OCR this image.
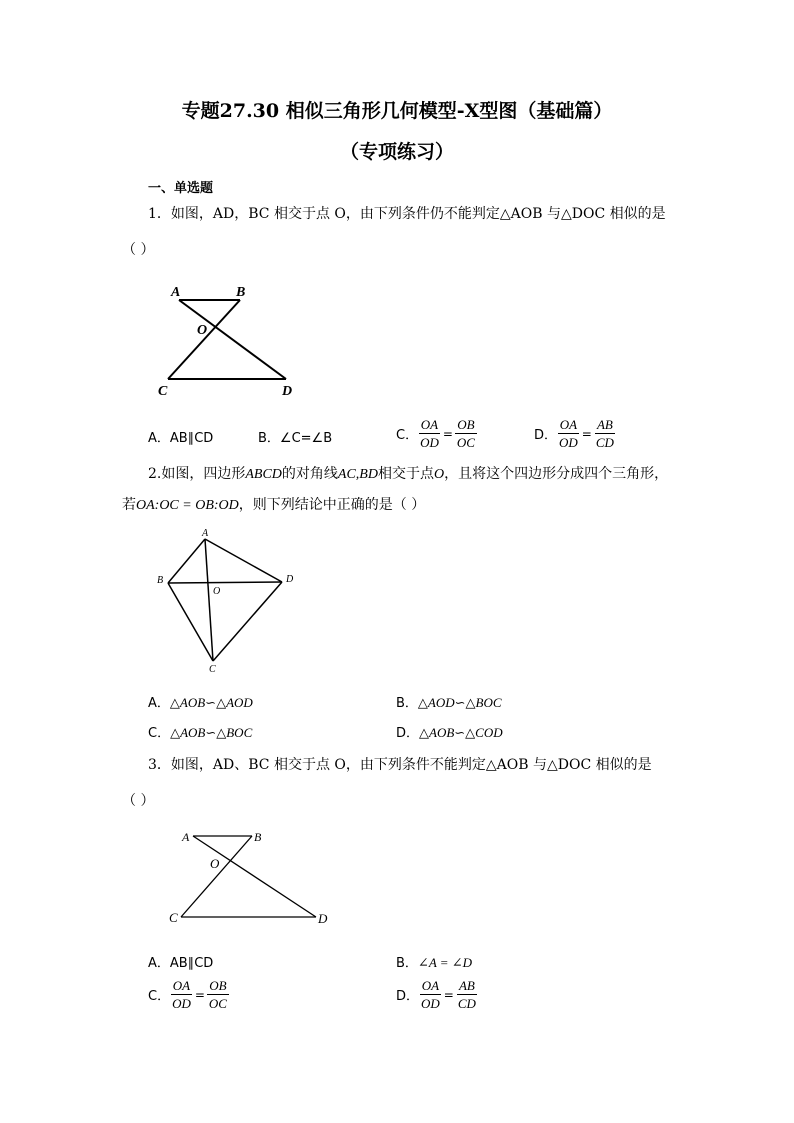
专题27.30 相似三角形几何模型-X型图（基础篇）
（专项练习）
一、单选题
1．如图，AD，BC 相交于点 O，由下列条件仍不能判定△AOB 与△DOC 相似的是
（ ）
A	B
O
C	D
A．AB∥CD	B．∠C=∠B	C． $\frac{OA}{OD} = \frac{OB}{OC}$	D． $\frac{OA}{OD} = \frac{AB}{CD}$
2.如图，四边形ABCD的对角线AC,BD相交于点O，且将这个四边形分成四个三角形，
若OA:OC = OB:OD，则下列结论中正确的是（ ）
A
B
O
C
D
A．△AOB∽△AOD	B．△AOD∽△BOC
C．△AOB∽△BOC	D．△AOB∽△COD
3．如图，AD、BC 相交于点 O，由下列条件不能判定△AOB 与△DOC 相似的是
（ ）
A	B
O
C	D
A．AB∥CD	B．∠A = ∠D
C． $\frac{OA}{OD} = \frac{OB}{OC}$	D． $\frac{OA}{OD} = \frac{AB}{CD}$
